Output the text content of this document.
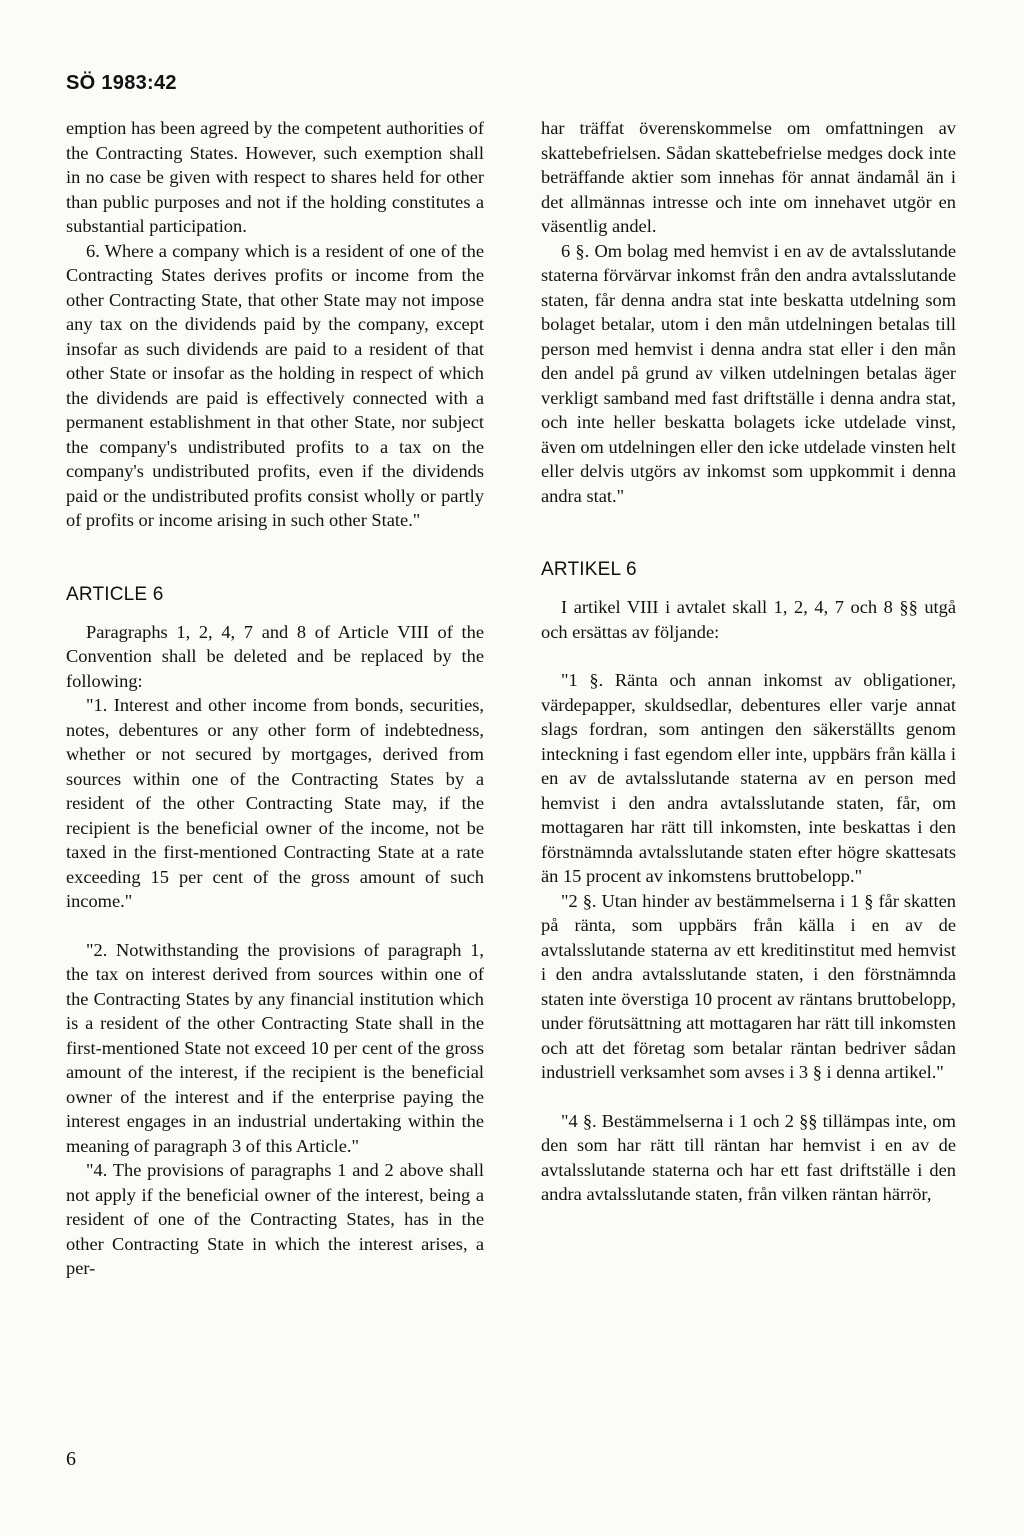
SÖ 1983:42

emption has been agreed by the competent authorities of the Contracting States. However, such exemption shall in no case be given with respect to shares held for other than public purposes and not if the holding constitutes a substantial participation.

6. Where a company which is a resident of one of the Contracting States derives profits or income from the other Contracting State, that other State may not impose any tax on the dividends paid by the company, except insofar as such dividends are paid to a resident of that other State or insofar as the holding in respect of which the dividends are paid is effectively connected with a permanent establishment in that other State, nor subject the company's undistributed profits to a tax on the company's undistributed profits, even if the dividends paid or the undistributed profits consist wholly or partly of profits or income arising in such other State."

ARTICLE 6

Paragraphs 1, 2, 4, 7 and 8 of Article VIII of the Convention shall be deleted and be replaced by the following:

"1. Interest and other income from bonds, securities, notes, debentures or any other form of indebtedness, whether or not secured by mortgages, derived from sources within one of the Contracting States by a resident of the other Contracting State may, if the recipient is the beneficial owner of the income, not be taxed in the first-mentioned Contracting State at a rate exceeding 15 per cent of the gross amount of such income."

"2. Notwithstanding the provisions of paragraph 1, the tax on interest derived from sources within one of the Contracting States by any financial institution which is a resident of the other Contracting State shall in the first-mentioned State not exceed 10 per cent of the gross amount of the interest, if the recipient is the beneficial owner of the interest and if the enterprise paying the interest engages in an industrial undertaking within the meaning of paragraph 3 of this Article."

"4. The provisions of paragraphs 1 and 2 above shall not apply if the beneficial owner of the interest, being a resident of one of the Contracting States, has in the other Contracting State in which the interest arises, a per-

har träffat överenskommelse om omfattningen av skattebefrielsen. Sådan skattebefrielse medges dock inte beträffande aktier som innehas för annat ändamål än i det allmännas intresse och inte om innehavet utgör en väsentlig andel.

6 §. Om bolag med hemvist i en av de avtalsslutande staterna förvärvar inkomst från den andra avtalsslutande staten, får denna andra stat inte beskatta utdelning som bolaget betalar, utom i den mån utdelningen betalas till person med hemvist i denna andra stat eller i den mån den andel på grund av vilken utdelningen betalas äger verkligt samband med fast driftställe i denna andra stat, och inte heller beskatta bolagets icke utdelade vinst, även om utdelningen eller den icke utdelade vinsten helt eller delvis utgörs av inkomst som uppkommit i denna andra stat."

ARTIKEL 6

I artikel VIII i avtalet skall 1, 2, 4, 7 och 8 §§ utgå och ersättas av följande:

"1 §. Ränta och annan inkomst av obligationer, värdepapper, skuldsedlar, debentures eller varje annat slags fordran, som antingen den säkerställts genom inteckning i fast egendom eller inte, uppbärs från källa i en av de avtalsslutande staterna av en person med hemvist i den andra avtalsslutande staten, får, om mottagaren har rätt till inkomsten, inte beskattas i den förstnämnda avtalsslutande staten efter högre skattesats än 15 procent av inkomstens bruttobelopp."

"2 §. Utan hinder av bestämmelserna i 1 § får skatten på ränta, som uppbärs från källa i en av de avtalsslutande staterna av ett kreditinstitut med hemvist i den andra avtalsslutande staten, i den förstnämnda staten inte överstiga 10 procent av räntans bruttobelopp, under förutsättning att mottagaren har rätt till inkomsten och att det företag som betalar räntan bedriver sådan industriell verksamhet som avses i 3 § i denna artikel."

"4 §. Bestämmelserna i 1 och 2 §§ tillämpas inte, om den som har rätt till räntan har hemvist i en av de avtalsslutande staterna och har ett fast driftställe i den andra avtalsslutande staten, från vilken räntan härrör,

6
